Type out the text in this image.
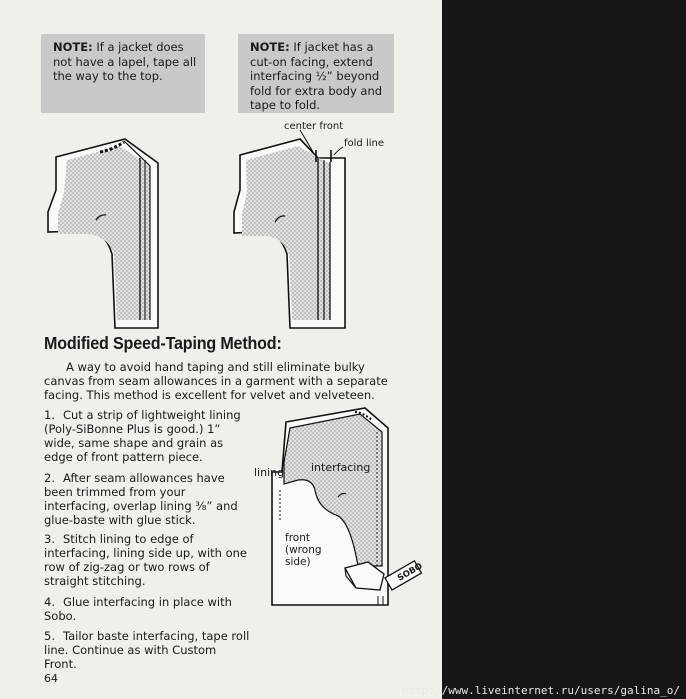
NOTE: If a jacket does not have a lapel, tape all the way to the top.
NOTE: If jacket has a cut-on facing, extend interfacing ½” beyond fold for extra body and tape to fold.
center front
fold line
Modified Speed-Taping Method:
A way to avoid hand taping and still eliminate bulky canvas from seam allowances in a garment with a separate facing. This method is excellent for velvet and velveteen.
1. Cut a strip of lightweight lining (Poly-SiBonne Plus is good.) 1” wide, same shape and grain as edge of front pattern piece.
2. After seam allowances have been trimmed from your interfacing, overlap lining ⅜” and glue-baste with glue stick.
3. Stitch lining to edge of interfacing, lining side up, with one row of zig-zag or two rows of straight stitching.
4. Glue interfacing in place with Sobo.
5. Tailor baste interfacing, tape roll line. Continue as with Custom Front.
interfacing
lining
front (wrong side)	SOBO
64
http://www.liveinternet.ru/users/galina_o/
